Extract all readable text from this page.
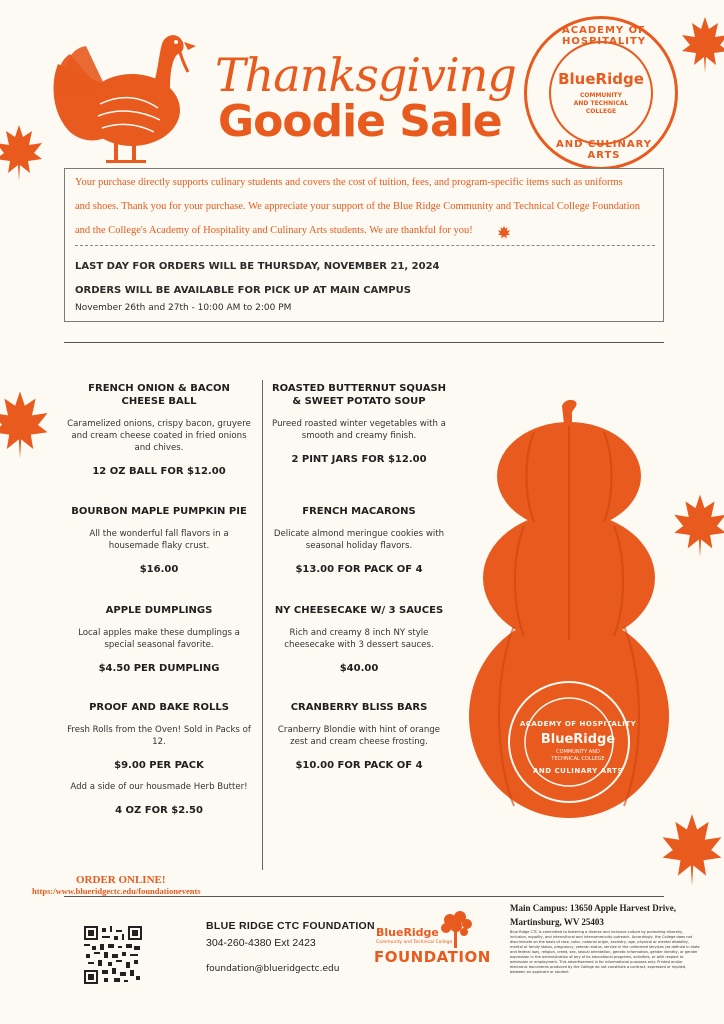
Thanksgiving
Goodie Sale
ACADEMY OF HOSPITALITY
BlueRidge
COMMUNITY
AND TECHNICAL
COLLEGE
AND CULINARY ARTS
Your purchase directly supports culinary students and covers the cost of tuition, fees, and program-specific items such as uniforms
and shoes. Thank you for your purchase. We appreciate your support of the Blue Ridge Community and Technical College Foundation
and the College's Academy of Hospitality and Culinary Arts students. We are thankful for you!
LAST DAY FOR ORDERS WILL BE THURSDAY, NOVEMBER 21, 2024
ORDERS WILL BE AVAILABLE FOR PICK UP AT MAIN CAMPUS
November 26th and 27th - 10:00 AM to 2:00 PM
FRENCH ONION & BACON CHEESE BALL
Caramelized onions, crispy bacon, gruyere and cream cheese coated in fried onions and chives.
12 OZ BALL FOR $12.00
BOURBON MAPLE PUMPKIN PIE
All the wonderful fall flavors in a housemade flaky crust.
$16.00
APPLE DUMPLINGS
Local apples make these dumplings a special seasonal favorite.
$4.50 PER DUMPLING
PROOF AND BAKE ROLLS
Fresh Rolls from the Oven! Sold in Packs of 12.
$9.00 PER PACK
Add a side of our housmade Herb Butter!
4 OZ FOR $2.50
ROASTED BUTTERNUT SQUASH & SWEET POTATO SOUP
Pureed roasted winter vegetables with a smooth and creamy finish.
2 PINT JARS FOR $12.00
FRENCH MACARONS
Delicate almond meringue cookies with seasonal holiday flavors.
$13.00 FOR PACK OF 4
NY CHEESECAKE W/ 3 SAUCES
Rich and creamy 8 inch NY style cheesecake with 3 dessert sauces.
$40.00
CRANBERRY BLISS BARS
Cranberry Blondie with hint of orange zest and cream cheese frosting.
$10.00 FOR PACK OF 4
ACADEMY OF HOSPITALITY
BlueRidge
COMMUNITY AND TECHNICAL COLLEGE
AND CULINARY ARTS
ORDER ONLINE!
https:/www.blueridgectc.edu/foundationevents
BLUE RIDGE CTC FOUNDATION
304-260-4380 Ext 2423
foundation@blueridgectc.edu
BlueRidge
Community and Technical College
FOUNDATION
Main Campus: 13650 Apple Harvest Drive,
Martinsburg, WV 25403
Blue Ridge CTC is committed to fostering a diverse and inclusive culture by promoting diversity, inclusion, equality, and intercultural and intercommunity outreach. Accordingly, the College does not discriminate on the basis of race, color, national origin, ancestry, age, physical or mental disability, marital or family status, pregnancy, veteran status, service in the uniformed services (as defined in state and federal law), religion, creed, sex, sexual orientation, genetic information, gender identity, or gender expression in the administration of any of its educational programs, activities, or with respect to admission or employment. This advertisement is for informational purposes only. Printed and/or electronic documents produced by the College do not constitute a contract, expressed or implied, between an applicant or student
